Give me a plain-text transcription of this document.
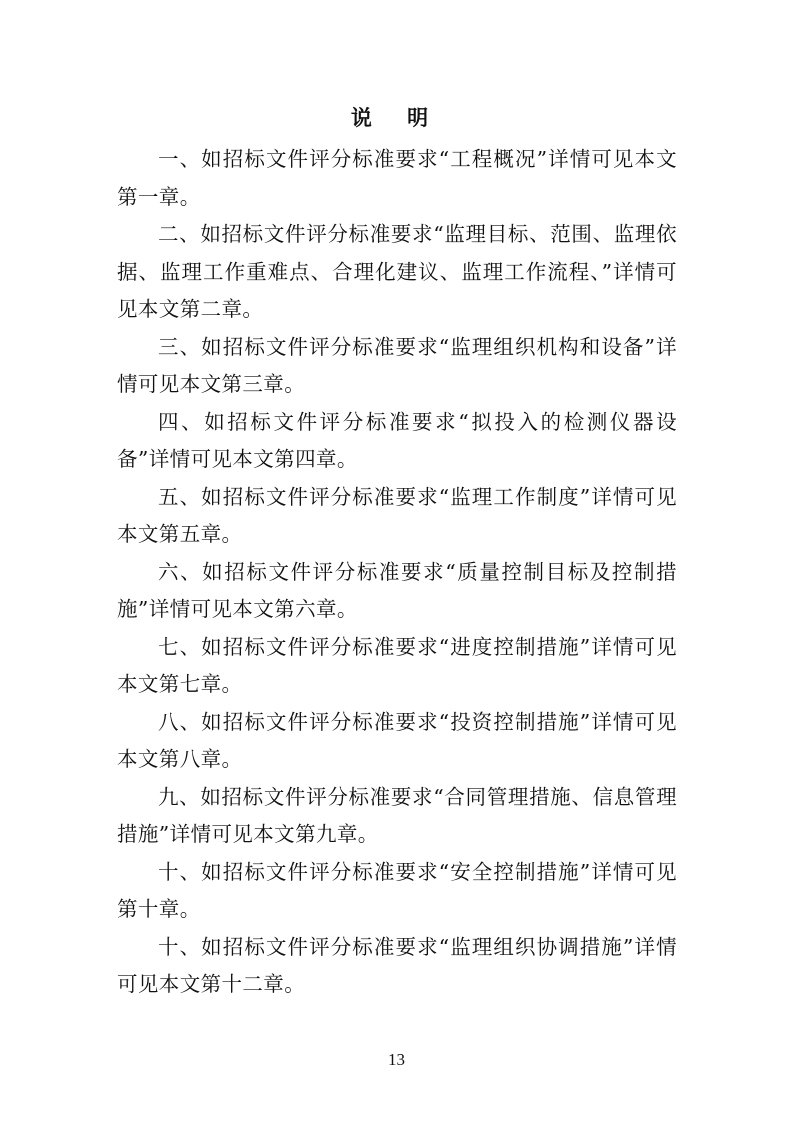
说 明

一、如招标文件评分标准要求“工程概况”详情可见本文第一章。

二、如招标文件评分标准要求“监理目标、范围、监理依据、监理工作重难点、合理化建议、监理工作流程、”详情可见本文第二章。

三、如招标文件评分标准要求“监理组织机构和设备”详情可见本文第三章。

四、如招标文件评分标准要求“拟投入的检测仪器设备”详情可见本文第四章。

五、如招标文件评分标准要求“监理工作制度”详情可见本文第五章。

六、如招标文件评分标准要求“质量控制目标及控制措施”详情可见本文第六章。

七、如招标文件评分标准要求“进度控制措施”详情可见本文第七章。

八、如招标文件评分标准要求“投资控制措施”详情可见本文第八章。

九、如招标文件评分标准要求“合同管理措施、信息管理措施”详情可见本文第九章。

十、如招标文件评分标准要求“安全控制措施”详情可见第十章。

十、如招标文件评分标准要求“监理组织协调措施”详情可见本文第十二章。

13
